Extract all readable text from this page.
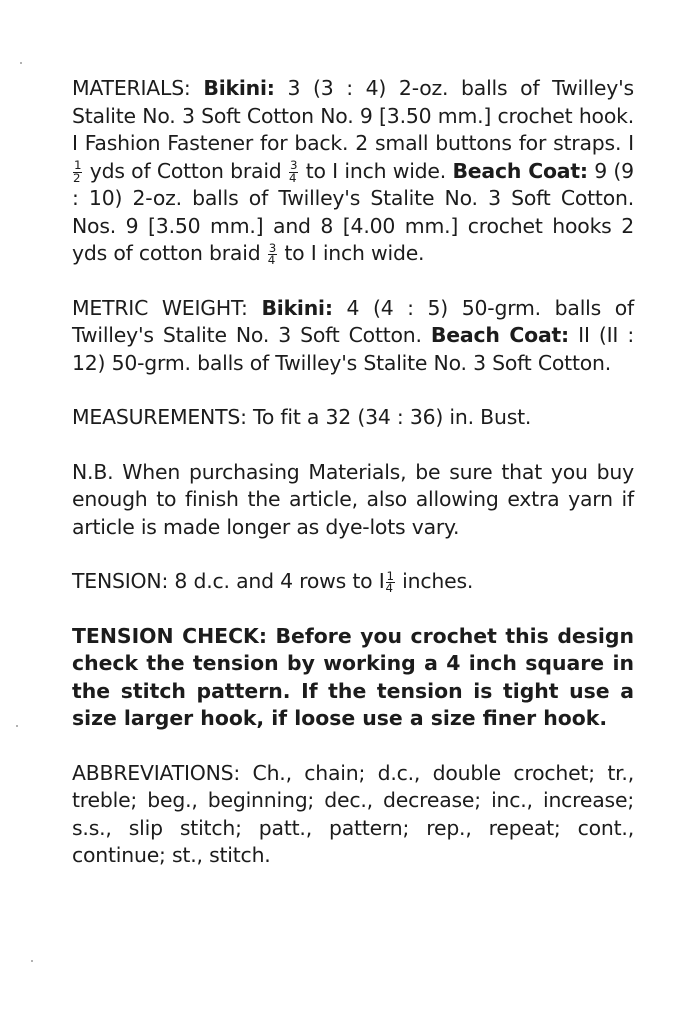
MATERIALS: Bikini: 3 (3 : 4) 2-oz. balls of Twilley's Stalite No. 3 Soft Cotton No. 9 [3.50 mm.] crochet hook. I Fashion Fastener for back. 2 small buttons for straps. I
$\frac{1}{2}$ yds of Cotton braid $\frac{3}{4}$ to I inch wide. Beach Coat: 9 (9 : 10) 2-oz. balls of Twilley's Stalite No. 3 Soft Cotton. Nos. 9 [3.50 mm.] and 8 [4.00 mm.] crochet hooks 2 yds of cotton braid $\frac{3}{4}$ to I inch wide.

METRIC WEIGHT: Bikini: 4 (4 : 5) 50-grm. balls of Twilley's Stalite No. 3 Soft Cotton. Beach Coat: II (II : 12) 50-grm. balls of Twilley's Stalite No. 3 Soft Cotton.

MEASUREMENTS: To fit a 32 (34 : 36) in. Bust.

N.B. When purchasing Materials, be sure that you buy enough to finish the article, also allowing extra yarn if article is made longer as dye-lots vary.

TENSION: 8 d.c. and 4 rows to I $\frac{1}{4}$ inches.

TENSION CHECK: Before you crochet this design check the tension by working a 4 inch square in the stitch pattern. If the tension is tight use a size larger hook, if loose use a size finer hook.

ABBREVIATIONS: Ch., chain; d.c., double crochet; tr., treble; beg., beginning; dec., decrease; inc., increase; s.s., slip stitch; patt., pattern; rep., repeat; cont., continue; st., stitch.
